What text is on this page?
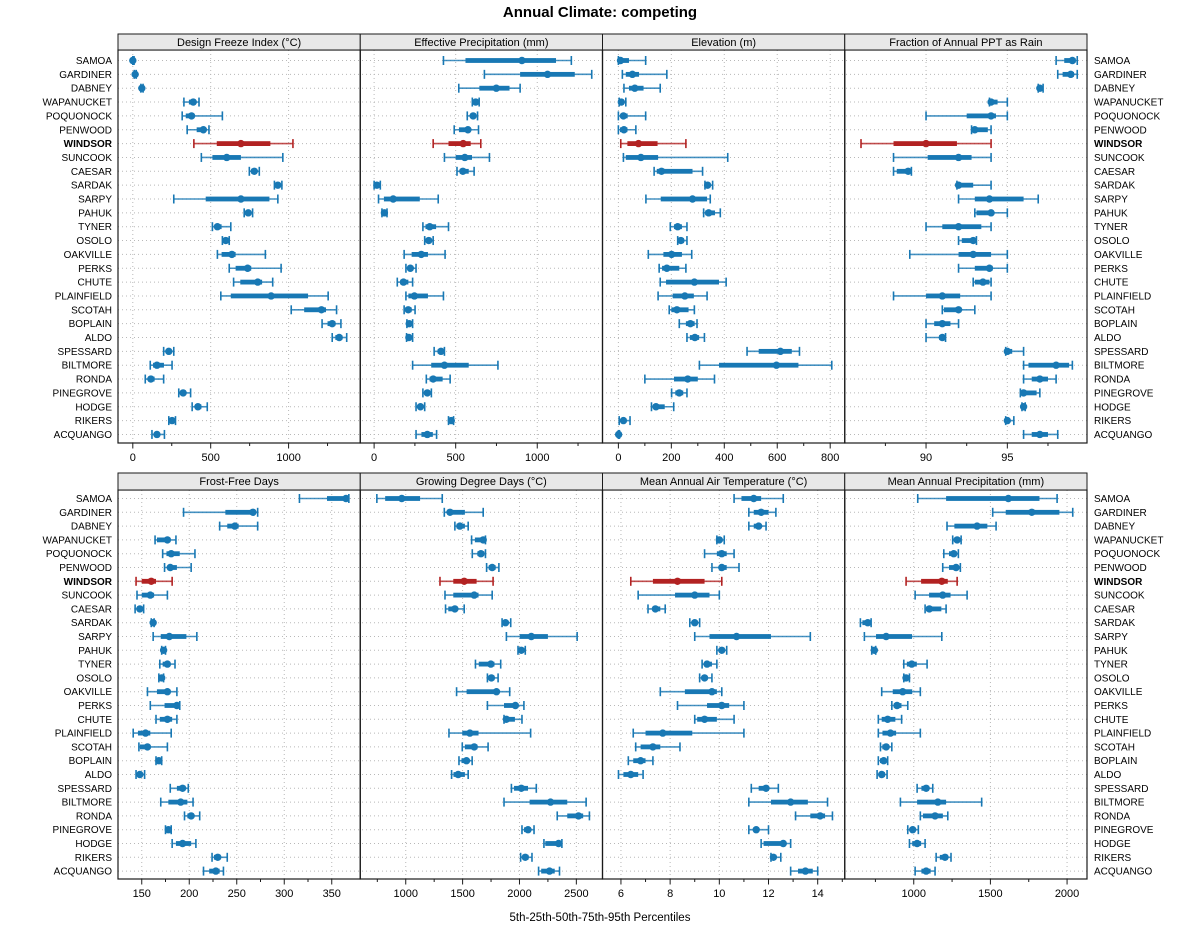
Annual Climate: competing
Design Freeze Index (°C)
0	500	1000
Effective Precipitation (mm)
0	500	1000
Elevation (m)
0	200	400	600	800
Fraction of Annual PPT as Rain
90	95
SAMOA	SAMOA
GARDINER	GARDINER
DABNEY	DABNEY
WAPANUCKET	WAPANUCKET
POQUONOCK	POQUONOCK
PENWOOD	PENWOOD
WINDSOR	WINDSOR
SUNCOOK	SUNCOOK
CAESAR	CAESAR
SARDAK	SARDAK
SARPY	SARPY
PAHUK	PAHUK
TYNER	TYNER
OSOLO	OSOLO
OAKVILLE	OAKVILLE
PERKS	PERKS
CHUTE	CHUTE
PLAINFIELD	PLAINFIELD
SCOTAH	SCOTAH
BOPLAIN	BOPLAIN
ALDO	ALDO
SPESSARD	SPESSARD
BILTMORE	BILTMORE
RONDA	RONDA
PINEGROVE	PINEGROVE
HODGE	HODGE
RIKERS	RIKERS
ACQUANGO	ACQUANGO
Frost-Free Days
150	200	250	300	350
Growing Degree Days (°C)
1000	1500	2000	2500
Mean Annual Air Temperature (°C)
6	8	10	12	14
Mean Annual Precipitation (mm)
1000	1500	2000
SAMOA	SAMOA
GARDINER	GARDINER
DABNEY	DABNEY
WAPANUCKET	WAPANUCKET
POQUONOCK	POQUONOCK
PENWOOD	PENWOOD
WINDSOR	WINDSOR
SUNCOOK	SUNCOOK
CAESAR	CAESAR
SARDAK	SARDAK
SARPY	SARPY
PAHUK	PAHUK
TYNER	TYNER
OSOLO	OSOLO
OAKVILLE	OAKVILLE
PERKS	PERKS
CHUTE	CHUTE
PLAINFIELD	PLAINFIELD
SCOTAH	SCOTAH
BOPLAIN	BOPLAIN
ALDO	ALDO
SPESSARD	SPESSARD
BILTMORE	BILTMORE
RONDA	RONDA
PINEGROVE	PINEGROVE
HODGE	HODGE
RIKERS	RIKERS
ACQUANGO	ACQUANGO
5th-25th-50th-75th-95th Percentiles
